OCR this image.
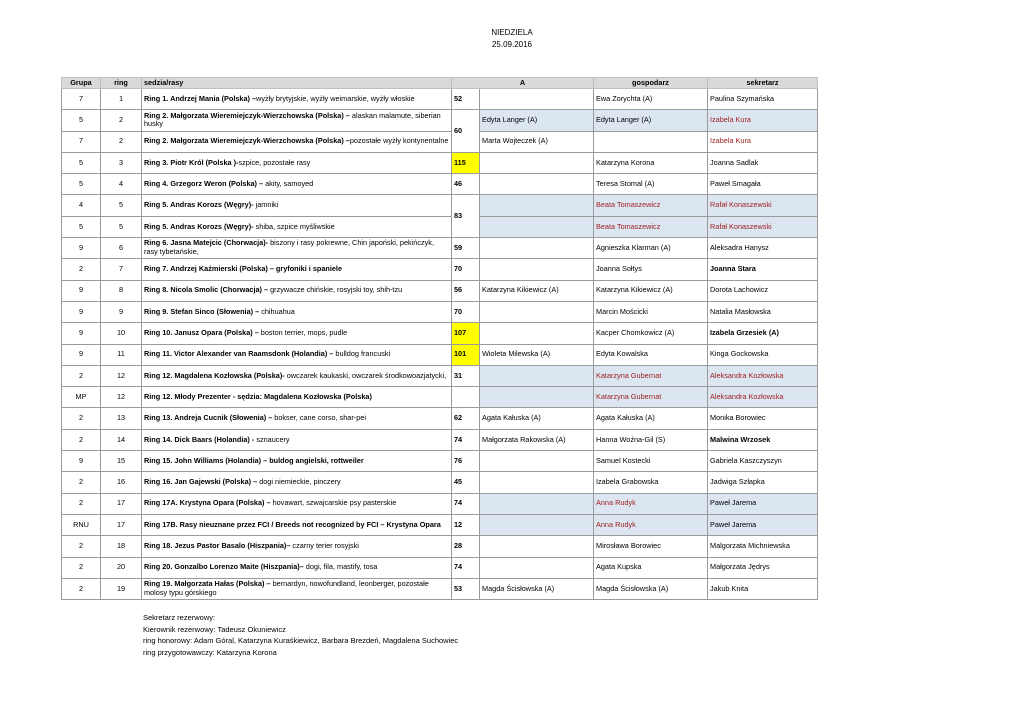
NIEDZIELA
25.09.2016
Grupa	ring	sedzia/rasy	A		gospodarz	sekretarz
7	1	Ring 1. Andrzej Mania (Polska) –wyżły brytyjskie, wyżły weimarskie, wyżły włoskie	52		Ewa Zorychta (A)	Paulina Szymańska
5	2	Ring 2. Małgorzata Wieremiejczyk-Wierzchowska (Polska) – alaskan malamute, siberian husky	60	Edyta Langer (A)	Edyta Langer (A)	Izabela Kura
7	2	Ring 2. Małgorzata Wieremiejczyk-Wierzchowska (Polska) –pozostałe wyżły kontynentalne		Marta Wojteczek (A)		Izabela Kura
5	3	Ring 3. Piotr Król (Polska )-szpice, pozostałe rasy	115		Katarzyna Korona	Joanna Sadlak
5	4	Ring 4. Grzegorz Weron (Polska) – akity, samoyed	46		Teresa Stomal (A)	Paweł Smagała
4	5	Ring 5. Andras Korozs (Węgry)- jamniki	83		Beata Tomaszewicz	Rafał Konaszewski
5	5	Ring 5. Andras Korozs (Węgry)- shiba, szpice myśliwskie			Beata Tomaszewicz	Rafał Konaszewski
9	6	Ring 6. Jasna Matejcic (Chorwacja)- biszony i rasy pokrewne, Chin japoński, pekińczyk, rasy tybetańskie,	59		Agnieszka Klarman (A)	Aleksadra Hanysz
2	7	Ring 7. Andrzej Kaźmierski (Polska) – gryfoniki i spaniele	70		Joanna Sołtys	Joanna Stara
9	8	Ring 8. Nicola Smolic (Chorwacja) – grzywacze chińskie, rosyjski toy, shih-tzu	56	Katarzyna Kikiewicz (A)	Katarzyna Kikiewicz (A)	Dorota Lachowicz
9	9	Ring 9. Stefan Sinco (Słowenia) – chihuahua	70		Marcin Mościcki	Natalia Masłowska
9	10	Ring 10. Janusz Opara (Polska) – boston terrier, mops, pudle	107		Kacper Chomkowicz (A)	Izabela Grzesiek (A)
9	11	Ring 11. Victor Alexander van Raamsdonk (Holandia) – bulldog francuski	101	Wioleta Milewska (A)	Edyta Kowalska	Kinga Gockowska
2	12	Ring 12. Magdalena Kozłowska (Polska)- owczarek kaukaski, owczarek środkowoazjatycki,	31		Katarzyna Gubernat	Aleksandra Kozłowska
MP	12	Ring 12. Młody Prezenter - sędzia: Magdalena Kozłowska (Polska)			Katarzyna Gubernat	Aleksandra Kozłowska
2	13	Ring 13. Andreja Cucnik (Słowenia) – bokser, cane corso, shar-pei	62	Agata Kałuska (A)	Agata Kałuska (A)	Monika Borowiec
2	14	Ring 14. Dick Baars (Holandia) - sznaucery	74	Małgorzata Rakowska (A)	Hanna Woźna-Gil (S)	Malwina Wrzosek
9	15	Ring 15. John Williams (Holandia) – buldog angielski, rottweiler	76		Samuel Kostecki	Gabriela Kaszczyszyn
2	16	Ring 16. Jan Gajewski (Polska) – dogi niemieckie, pinczery	45		Izabela Grabowska	Jadwiga Szłapka
2	17	Ring 17A. Krystyna Opara (Polska) – hovawart, szwajcarskie psy pasterskie	74		Anna Rudyk	Paweł Jarema
RNU	17	Ring 17B. Rasy nieuznane przez FCI / Breeds not recognized by FCI – Krystyna Opara	12		Anna Rudyk	Paweł Jarema
2	18	Ring 18. Jezus Pastor Basalo (Hiszpania)– czarny terier rosyjski	28		Mirosława Borowiec	Malgorzata Michniewska
2	20	Ring 20. Gonzalbo Lorenzo Maite (Hiszpania)– dogi, fila, mastify, tosa	74		Agata Kupska	Małgorzata Jędrys
2	19	Ring 19. Małgorzata Hałas (Polska) – bernardyn, nowofundland, leonberger, pozostałe molosy typu górskiego	53	Magda Ścisłowska (A)	Magda Ścisłowska (A)	Jakub Knita
Sekretarz rezerwowy:
Kierownik rezerwowy: Tadeusz Okuniewicz
ring honorowy: Adam Góral, Katarzyna Kuraśkiewicz, Barbara Brezdeń, Magdalena Suchowiec
ring przygotowawczy: Katarzyna Korona
